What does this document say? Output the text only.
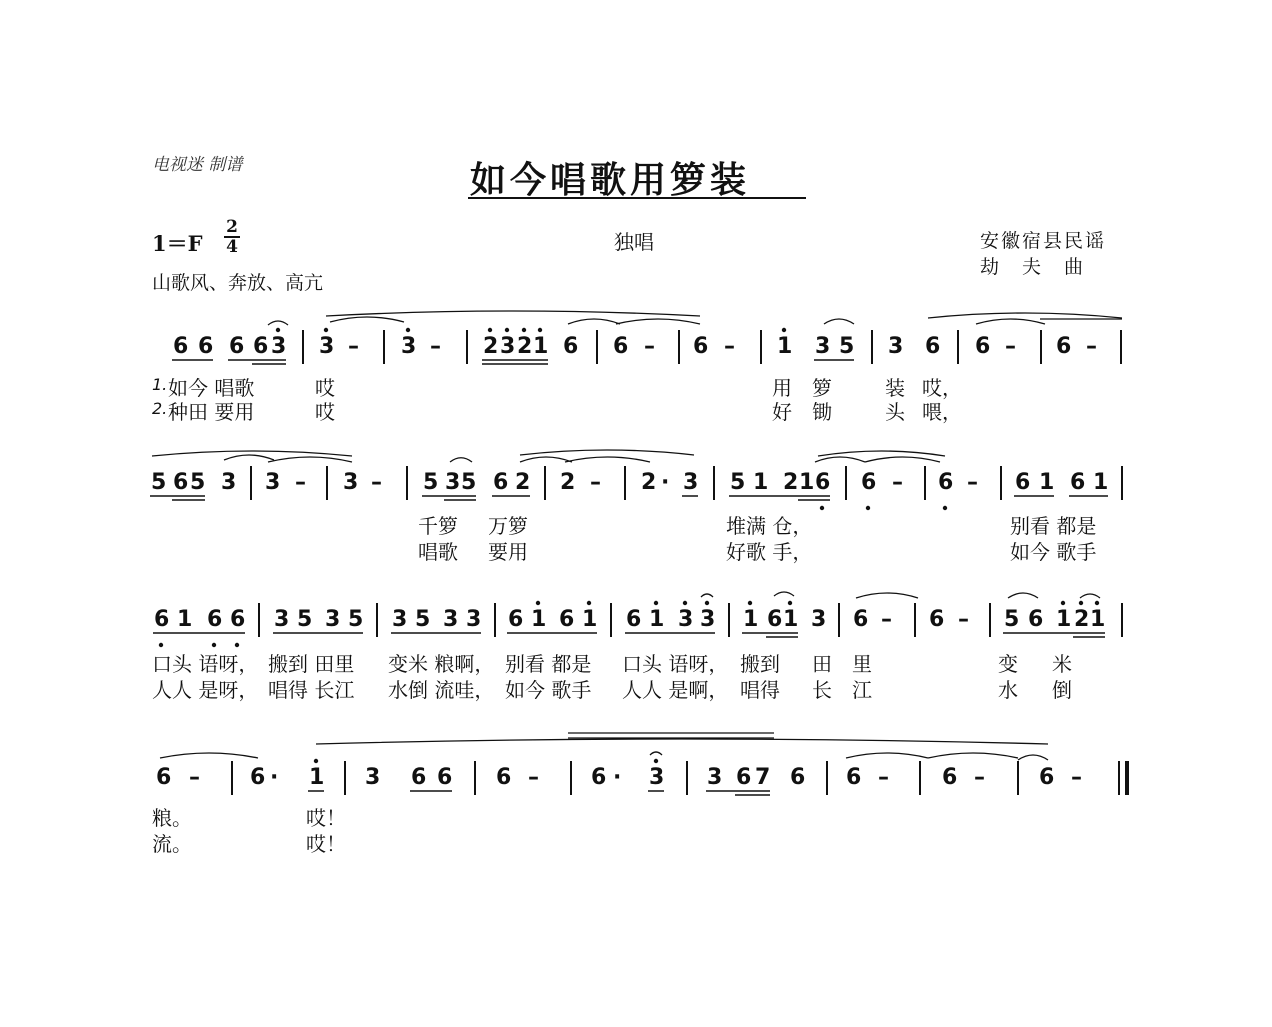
电视迷 制谱	如今唱歌用箩装
1＝F
2
4	独唱
山歌风、奔放、高亢
安徽宿县民谣
劫　夫　曲
6 6 6 6 3 3 – 3 – 2 3 2 1 6 6 – 6 – 1 3 5 3 6 6 – 6 –
5 6 5 3 3 – 3 – 5 3 5 6 2 2 – 2 · 3 5 1 2 1 6 6 – 6 – 6 1 6 1
6 1 6 6 3 5 3 5 3 5 3 3 6 1 6 1 6 1 3 3 1 6 1 3 6 – 6 – 5 6 1 2 1
6 – 6 · 1 3 6 6 6 – 6 · 3 3 6 7 6 6 – 6 – 6 –
1. 如今 唱歌	哎	用 箩	装 哎，
2. 种田 要用	哎	好 锄	头 喂，
千箩 万箩	堆满 仓，	别看 都是
唱歌 要用	好歌 手，	如今 歌手
口头 语呀， 搬到 田里 变米 粮啊， 别看 都是 口头 语呀， 搬到 田 里	变 米
人人 是呀， 唱得 长江 水倒 流哇， 如今 歌手 人人 是啊， 唱得 长 江	水 倒
粮。	哎！
流。	哎！
